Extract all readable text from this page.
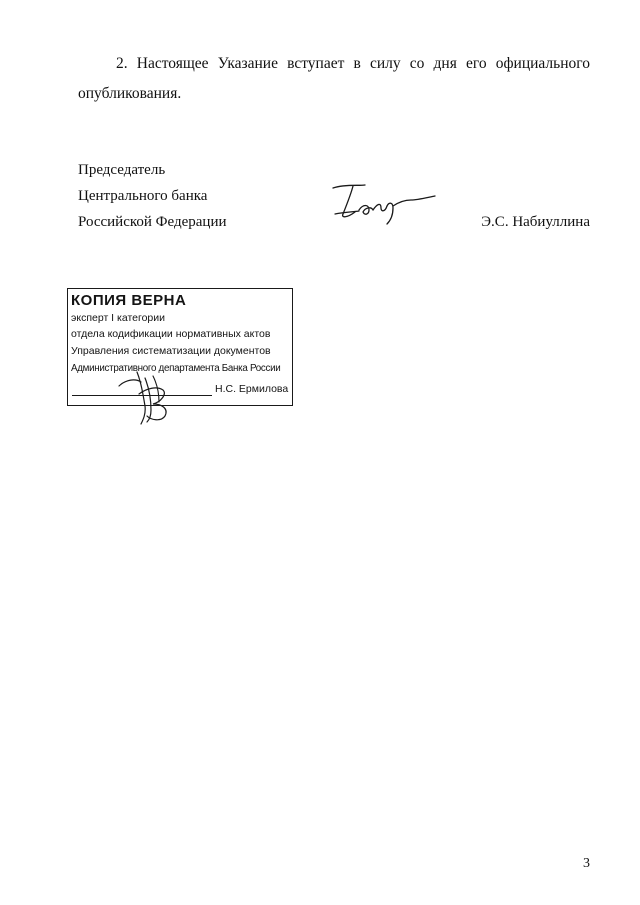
2. Настоящее Указание вступает в силу со дня его официального
опубликования.
Председатель
Центрального банка
Российской Федерации	Э.С. Набиуллина
КОПИЯ ВЕРНА
эксперт I категории
отдела кодификации нормативных актов
Управления систематизации документов
Административного департамента Банка России
Н.С. Ермилова
3
